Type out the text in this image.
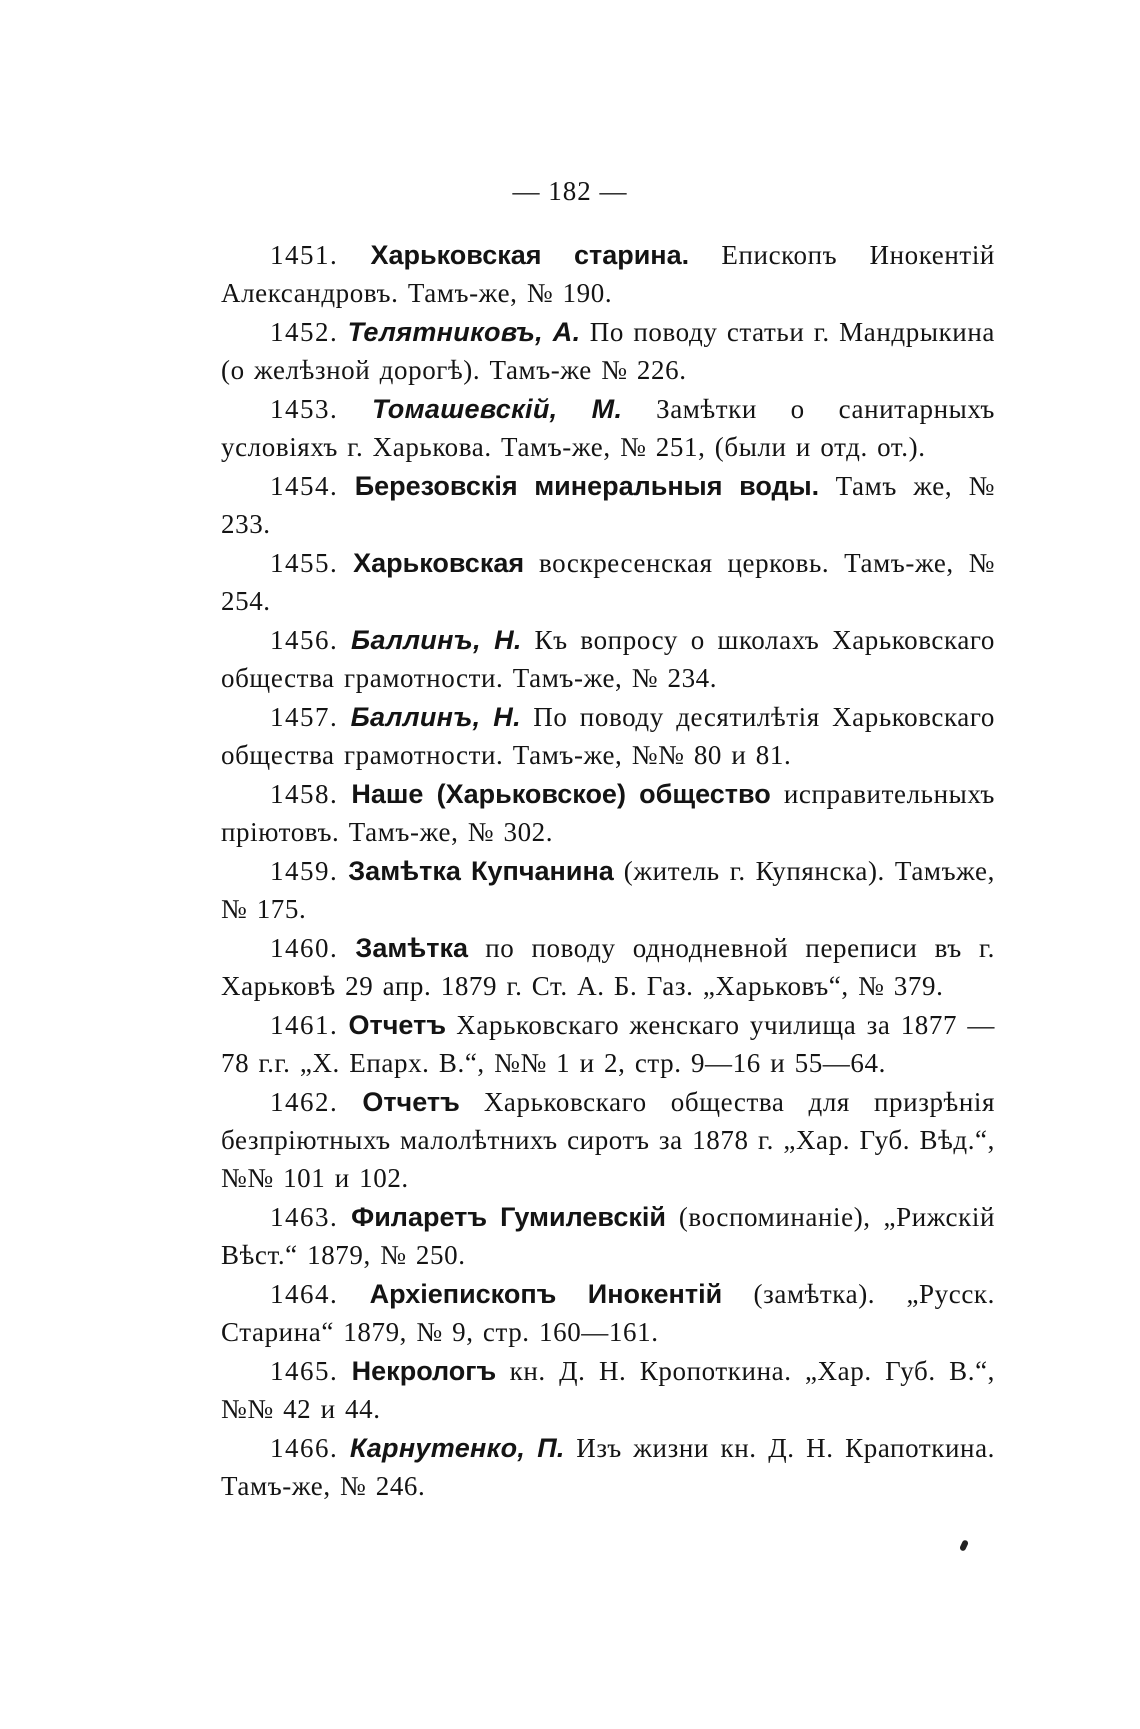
— 182 —

1451. Харьковская старина. Епископъ Инокентій Александровъ. Тамъ-же, № 190.

1452. Телятниковъ, А. По поводу статьи г. Мандрыкина (о желѣзной дорогѣ). Тамъ-же № 226.

1453. Томашевскій, М. Замѣтки о санитарныхъ условіяхъ г. Харькова. Тамъ-же, № 251, (были и отд. от.).

1454. Березовскія минеральныя воды. Тамъ же, № 233.

1455. Харьковская воскресенская церковь. Тамъ-же, № 254.

1456. Баллинъ, Н. Къ вопросу о школахъ Харьковскаго общества грамотности. Тамъ-же, № 234.

1457. Баллинъ, Н. По поводу десятилѣтія Харьковскаго общества грамотности. Тамъ-же, №№ 80 и 81.

1458. Наше (Харьковское) общество исправительныхъ пріютовъ. Тамъ-же, № 302.

1459. Замѣтка Купчанина (житель г. Купянска). Тамъже, № 175.

1460. Замѣтка по поводу однодневной переписи въ г. Харьковѣ 29 апр. 1879 г. Ст. А. Б. Газ. „Харьковъ“, № 379.

1461. Отчетъ Харьковскаго женскаго училища за 1877 —78 г.г. „Х. Епарх. В.“, №№ 1 и 2, стр. 9—16 и 55—64.

1462. Отчетъ Харьковскаго общества для призрѣнія безпріютныхъ малолѣтнихъ сиротъ за 1878 г. „Хар. Губ. Вѣд.“, №№ 101 и 102.

1463. Филаретъ Гумилевскій (воспоминаніе), „Рижскій Вѣст.“ 1879, № 250.

1464. Архіепископъ Инокентій (замѣтка). „Русск. Старина“ 1879, № 9, стр. 160—161.

1465. Некрологъ кн. Д. Н. Кропоткина. „Хар. Губ. В.“, №№ 42 и 44.

1466. Карнутенко, П. Изъ жизни кн. Д. Н. Крапоткина. Тамъ-же, № 246.
